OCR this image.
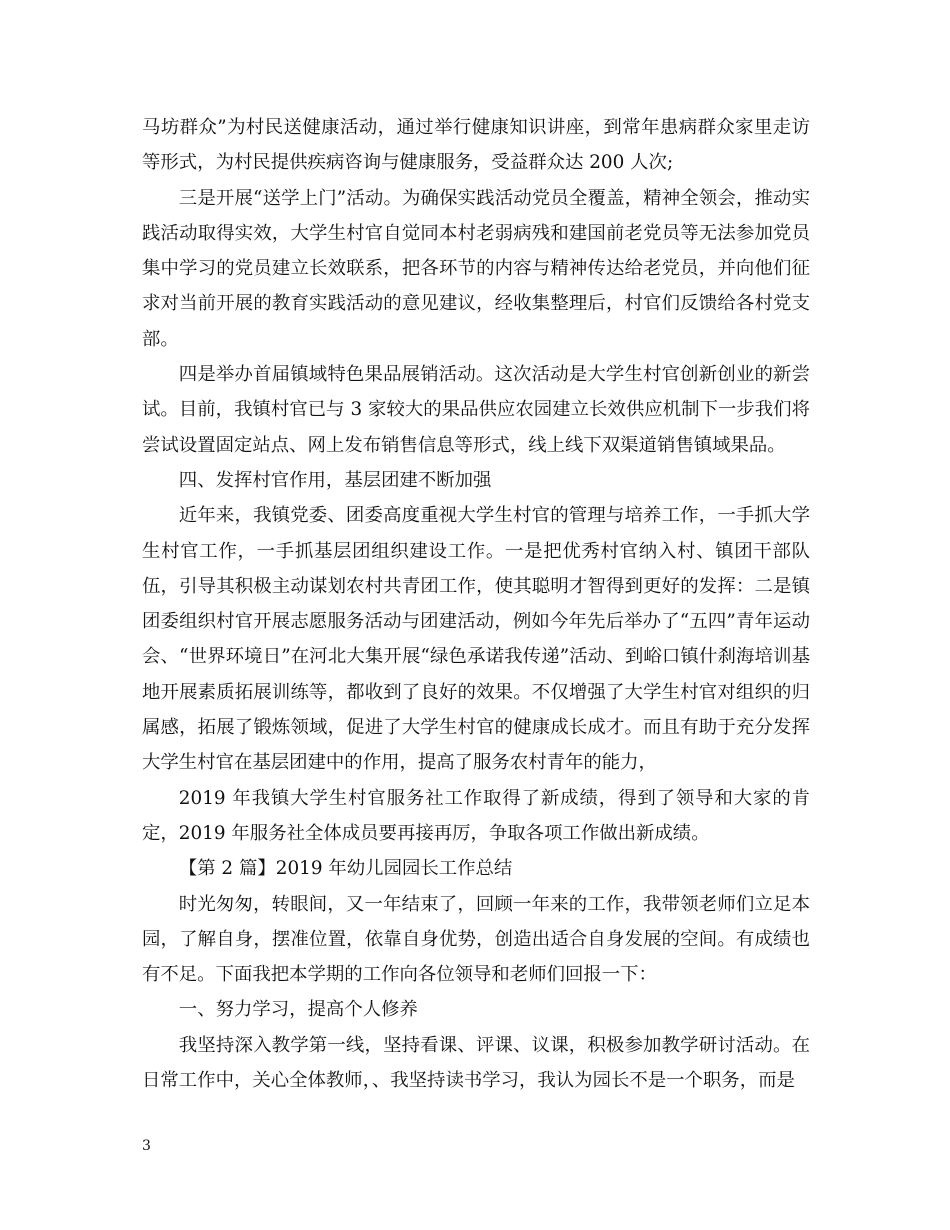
马坊群众”为村民送健康活动，通过举行健康知识讲座，到常年患病群众家里走访等形式，为村民提供疾病咨询与健康服务，受益群众达 200 人次;

三是开展“送学上门”活动。为确保实践活动党员全覆盖，精神全领会，推动实践活动取得实效，大学生村官自觉同本村老弱病残和建国前老党员等无法参加党员集中学习的党员建立长效联系，把各环节的内容与精神传达给老党员，并向他们征求对当前开展的教育实践活动的意见建议，经收集整理后，村官们反馈给各村党支部。

四是举办首届镇域特色果品展销活动。这次活动是大学生村官创新创业的新尝试。目前，我镇村官已与 3 家较大的果品供应农园建立长效供应机制下一步我们将尝试设置固定站点、网上发布销售信息等形式，线上线下双渠道销售镇域果品。

四、发挥村官作用，基层团建不断加强

近年来，我镇党委、团委高度重视大学生村官的管理与培养工作，一手抓大学生村官工作，一手抓基层团组织建设工作。一是把优秀村官纳入村、镇团干部队伍，引导其积极主动谋划农村共青团工作，使其聪明才智得到更好的发挥：二是镇团委组织村官开展志愿服务活动与团建活动，例如今年先后举办了“五四”青年运动会、“世界环境日”在河北大集开展“绿色承诺我传递”活动、到峪口镇什刹海培训基地开展素质拓展训练等，都收到了良好的效果。不仅增强了大学生村官对组织的归属感，拓展了锻炼领域，促进了大学生村官的健康成长成才。而且有助于充分发挥大学生村官在基层团建中的作用，提高了服务农村青年的能力，

2019 年我镇大学生村官服务社工作取得了新成绩，得到了领导和大家的肯定，2019 年服务社全体成员要再接再厉，争取各项工作做出新成绩。

【第 2 篇】2019 年幼儿园园长工作总结

时光匆匆，转眼间，又一年结束了，回顾一年来的工作，我带领老师们立足本园，了解自身，摆准位置，依靠自身优势，创造出适合自身发展的空间。有成绩也有不足。下面我把本学期的工作向各位领导和老师们回报一下：

一、努力学习，提高个人修养

我坚持深入教学第一线，坚持看课、评课、议课，积极参加教学研讨活动。在日常工作中，关心全体教师，、我坚持读书学习，我认为园长不是一个职务，而是

3
